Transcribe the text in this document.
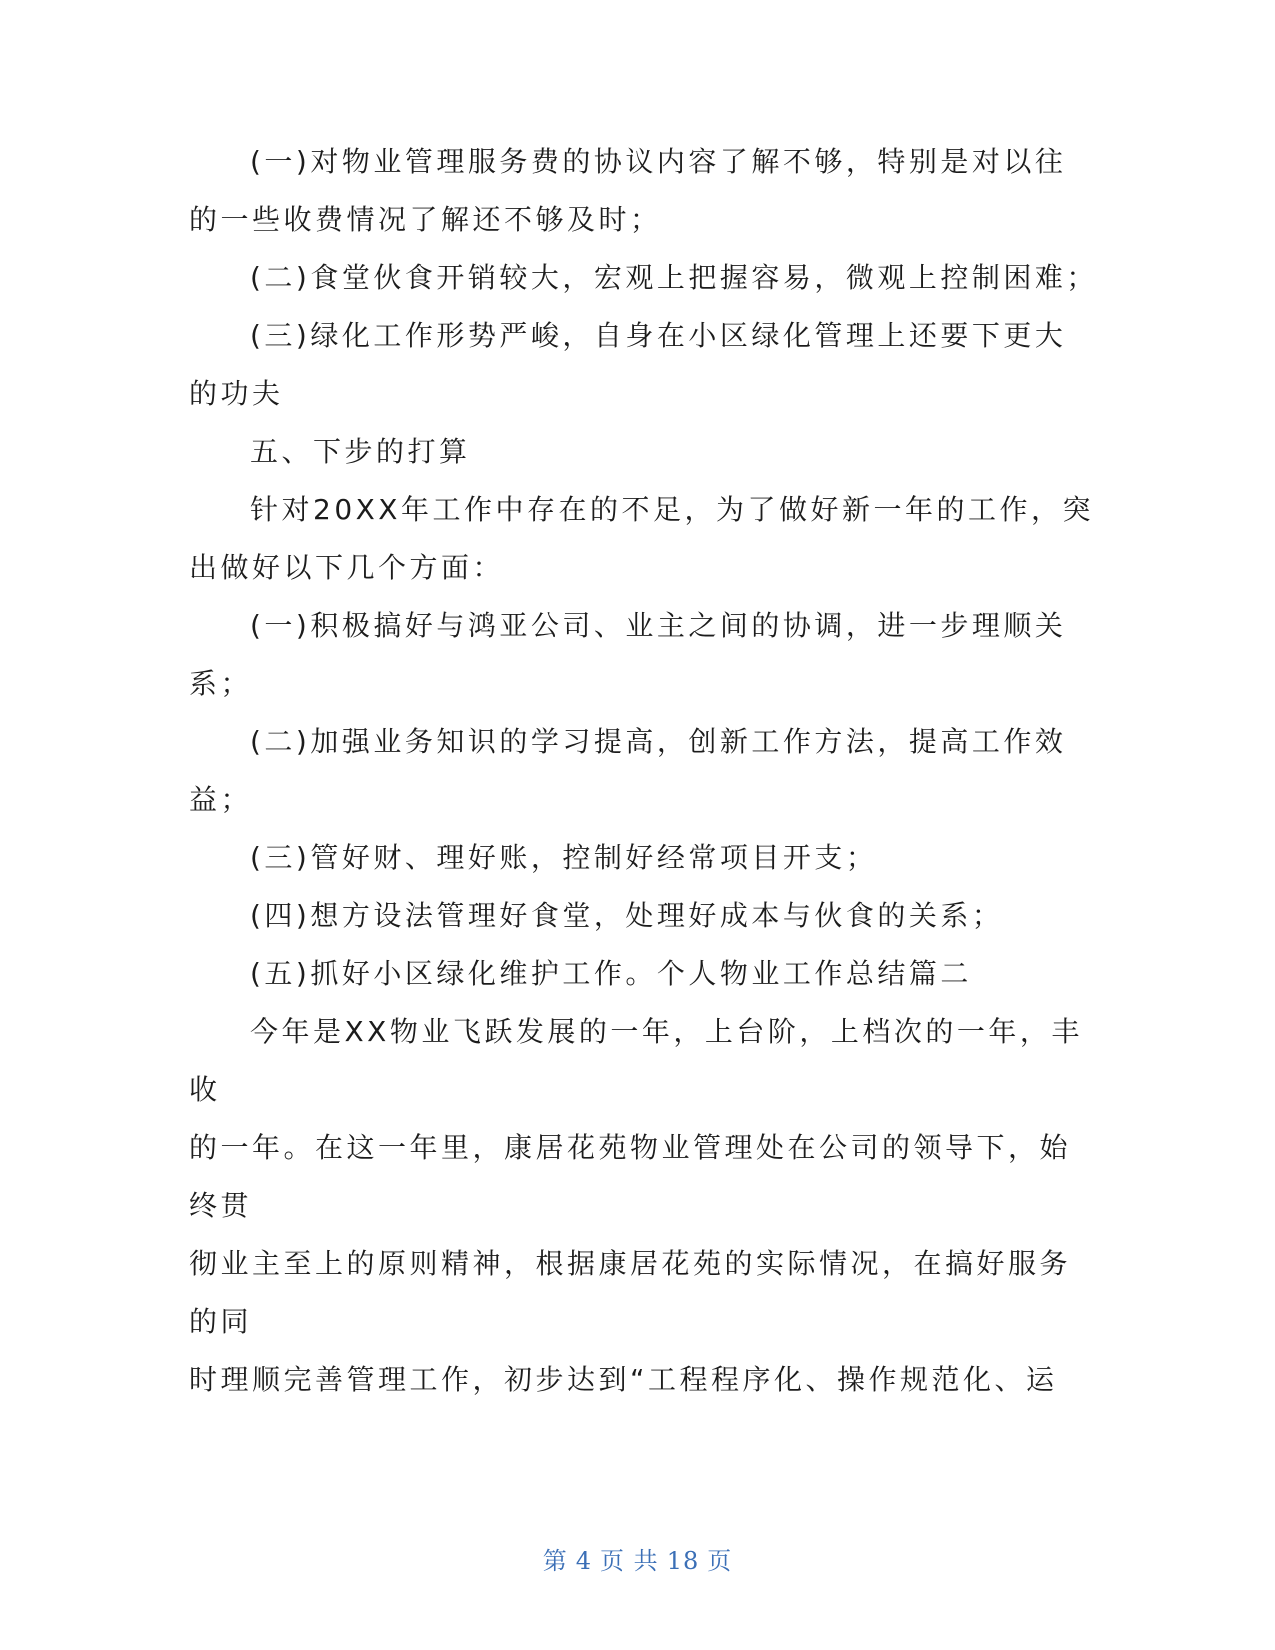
(一)对物业管理服务费的协议内容了解不够，特别是对以往
的一些收费情况了解还不够及时；
(二)食堂伙食开销较大，宏观上把握容易，微观上控制困难；
(三)绿化工作形势严峻，自身在小区绿化管理上还要下更大
的功夫
五、下步的打算
针对20XX年工作中存在的不足，为了做好新一年的工作，突
出做好以下几个方面：
(一)积极搞好与鸿亚公司、业主之间的协调，进一步理顺关
系；
(二)加强业务知识的学习提高，创新工作方法，提高工作效
益；
(三)管好财、理好账，控制好经常项目开支；
(四)想方设法管理好食堂，处理好成本与伙食的关系；
(五)抓好小区绿化维护工作。个人物业工作总结篇二
今年是XX物业飞跃发展的一年，上台阶，上档次的一年，丰
收
的一年。在这一年里，康居花苑物业管理处在公司的领导下，始
终贯
彻业主至上的原则精神，根据康居花苑的实际情况，在搞好服务
的同
时理顺完善管理工作，初步达到“工程程序化、操作规范化、运
第 4 页 共 18 页
